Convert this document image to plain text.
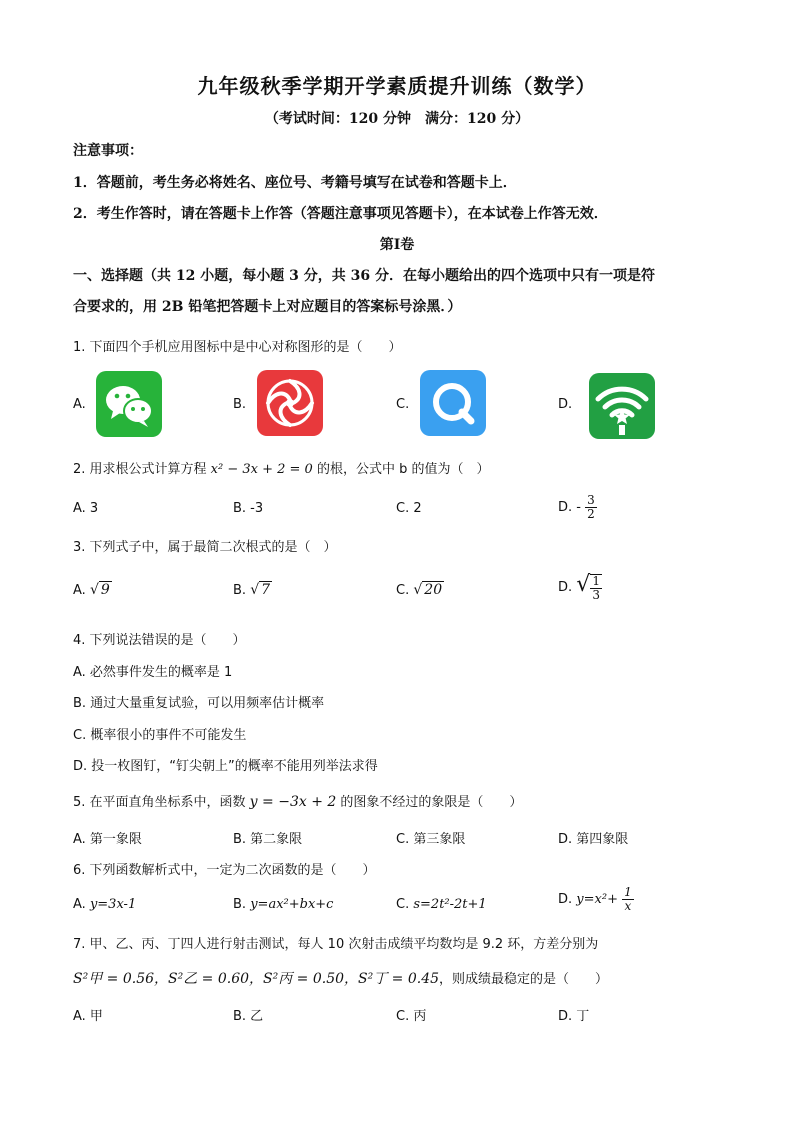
九年级秋季学期开学素质提升训练（数学）
（考试时间：120 分钟　满分：120 分）
注意事项：
1．答题前，考生务必将姓名、座位号、考籍号填写在试卷和答题卡上．
2．考生作答时，请在答题卡上作答（答题注意事项见答题卡），在本试卷上作答无效．
第Ⅰ卷
一、选择题（共 12 小题，每小题 3 分，共 36 分．在每小题给出的四个选项中只有一项是符
合要求的，用 2B 铅笔把答题卡上对应题目的答案标号涂黑．）
1. 下面四个手机应用图标中是中心对称图形的是（　　）
A.	B.	C.	D.
2. 用求根公式计算方程 x² − 3x + 2 = 0 的根，公式中 b 的值为（　）
A. 3	B. -3	C. 2	D. - $\frac{3}{2}$
3. 下列式子中，属于最简二次根式的是（　）
A. √ 9	B. √ 7	C. √ 20	D. √ $\frac{1}{3}$
4. 下列说法错误的是（　　）
A. 必然事件发生的概率是 1
B. 通过大量重复试验，可以用频率估计概率
C. 概率很小的事件不可能发生
D. 投一枚图钉，“钉尖朝上”的概率不能用列举法求得
5. 在平面直角坐标系中，函数 y = −3x + 2 的图象不经过的象限是（　　）
A. 第一象限	B. 第二象限	C. 第三象限	D. 第四象限
6. 下列函数解析式中，一定为二次函数的是（　　）
A. y=3x-1	B. y=ax²+bx+c	C. s=2t²-2t+1	D. $y=x^2+ \frac{1}{x}$
7. 甲、乙、丙、丁四人进行射击测试，每人 10 次射击成绩平均数均是 9.2 环，方差分别为
S²甲 = 0.56，S²乙 = 0.60，S²丙 = 0.50，S²丁 = 0.45，则成绩最稳定的是（　　）
A. 甲	B. 乙	C. 丙	D. 丁
